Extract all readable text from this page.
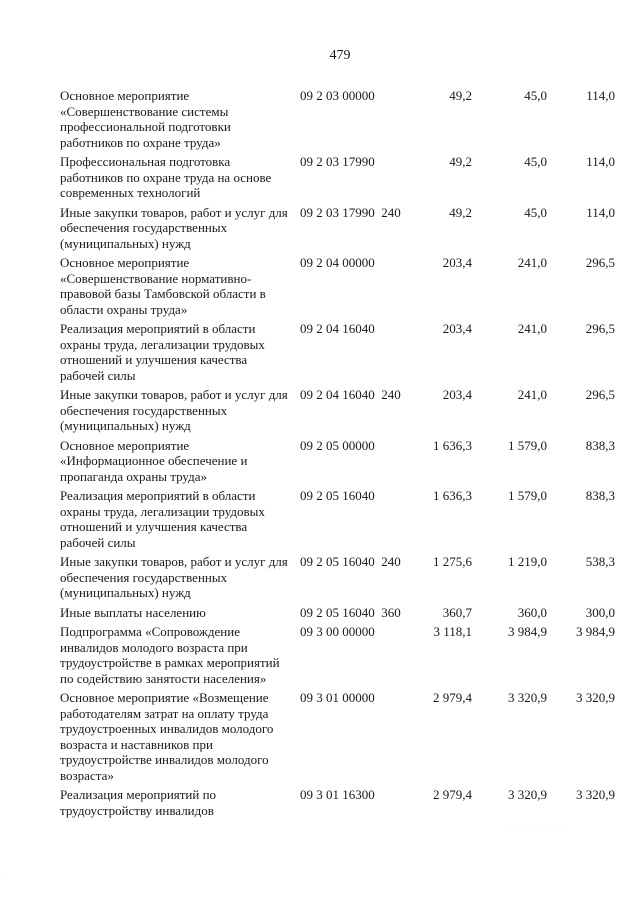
479
Основное мероприятие
«Совершенствование системы
профессиональной подготовки
работников по охране труда»
09 2 03 00000	49,2	45,0	114,0
Профессиональная подготовка
работников по охране труда на основе
современных технологий
09 2 03 17990	49,2	45,0	114,0
Иные закупки товаров, работ и услуг для
обеспечения государственных
(муниципальных) нужд
09 2 03 17990  240	49,2	45,0	114,0
Основное мероприятие
«Совершенствование нормативно-
правовой базы Тамбовской области в
области охраны труда»
09 2 04 00000	203,4	241,0	296,5
Реализация мероприятий в области
охраны труда, легализации трудовых
отношений и улучшения качества
рабочей силы
09 2 04 16040	203,4	241,0	296,5
Иные закупки товаров, работ и услуг для
обеспечения государственных
(муниципальных) нужд
09 2 04 16040  240	203,4	241,0	296,5
Основное мероприятие
«Информационное обеспечение и
пропаганда охраны труда»
09 2 05 00000	1 636,3	1 579,0	838,3
Реализация мероприятий в области
охраны труда, легализации трудовых
отношений и улучшения качества
рабочей силы
09 2 05 16040	1 636,3	1 579,0	838,3
Иные закупки товаров, работ и услуг для
обеспечения государственных
(муниципальных) нужд
09 2 05 16040  240	1 275,6	1 219,0	538,3
Иные выплаты населению	09 2 05 16040  360	360,7	360,0	300,0
Подпрограмма «Сопровождение
инвалидов молодого возраста при
трудоустройстве в рамках мероприятий
по содействию занятости населения»
09 3 00 00000	3 118,1	3 984,9	3 984,9
Основное мероприятие «Возмещение
работодателям затрат на оплату труда
трудоустроенных инвалидов молодого
возраста и наставников при
трудоустройстве инвалидов молодого
возраста»
09 3 01 00000	2 979,4	3 320,9	3 320,9
Реализация мероприятий по
трудоустройству инвалидов
09 3 01 16300	2 979,4	3 320,9	3 320,9
· · · · · · · ·
·
